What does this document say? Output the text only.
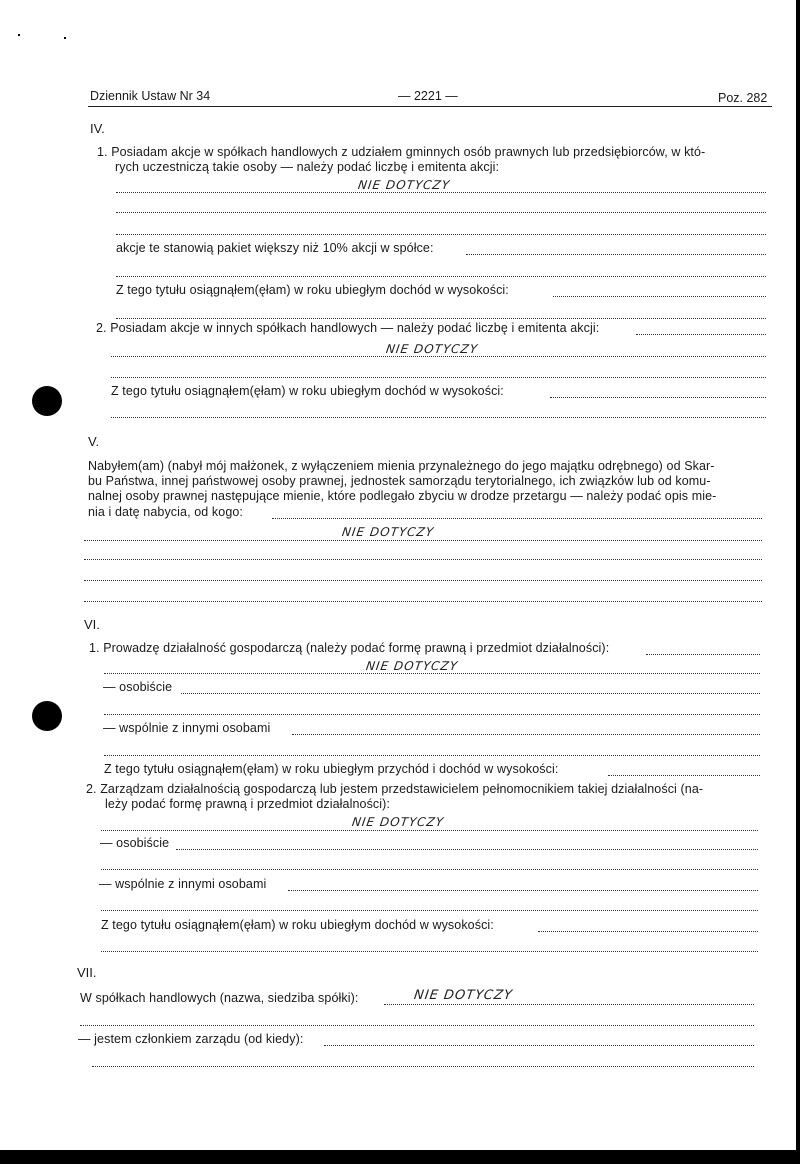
Dziennik Ustaw Nr 34	— 2221 —	Poz. 282
IV.
1. Posiadam akcje w spółkach handlowych z udziałem gminnych osób prawnych lub przedsiębiorców, w któ-
rych uczestniczą takie osoby — należy podać liczbę i emitenta akcji:
NIE DOTYCZY
akcje te stanowią pakiet większy niż 10% akcji w spółce:
Z tego tytułu osiągnąłem(ęłam) w roku ubiegłym dochód w wysokości:
2. Posiadam akcje w innych spółkach handlowych — należy podać liczbę i emitenta akcji:
NIE DOTYCZY
Z tego tytułu osiągnąłem(ęłam) w roku ubiegłym dochód w wysokości:
V.
Nabyłem(am) (nabył mój małżonek, z wyłączeniem mienia przynależnego do jego majątku odrębnego) od Skar-
bu Państwa, innej państwowej osoby prawnej, jednostek samorządu terytorialnego, ich związków lub od komu-
nalnej osoby prawnej następujące mienie, które podlegało zbyciu w drodze przetargu — należy podać opis mie-
nia i datę nabycia, od kogo:
NIE DOTYCZY
VI.
1. Prowadzę działalność gospodarczą (należy podać formę prawną i przedmiot działalności):
NIE DOTYCZY
— osobiście
— wspólnie z innymi osobami
Z tego tytułu osiągnąłem(ęłam) w roku ubiegłym przychód i dochód w wysokości:
2. Zarządzam działalnością gospodarczą lub jestem przedstawicielem pełnomocnikiem takiej działalności (na-
leży podać formę prawną i przedmiot działalności):
NIE DOTYCZY
— osobiście
— wspólnie z innymi osobami
Z tego tytułu osiągnąłem(ęłam) w roku ubiegłym dochód w wysokości:
VII.
W spółkach handlowych (nazwa, siedziba spółki):	NIE DOTYCZY
— jestem członkiem zarządu (od kiedy):
